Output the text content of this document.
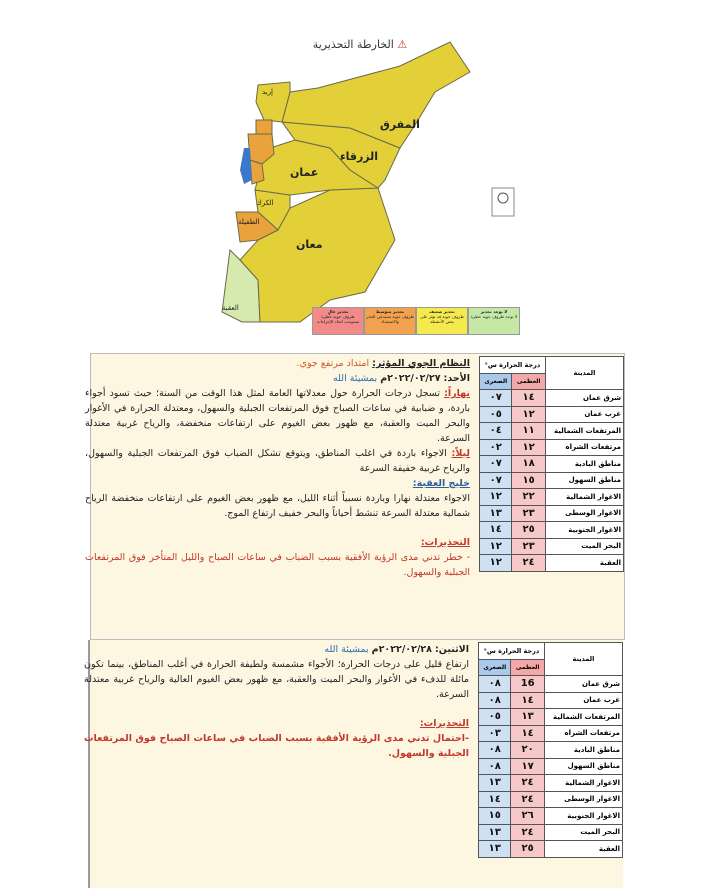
⚠ الخارطة التحذيرية
المفرق
الزرقاء
عمان
معان
العقبة
الكرك
الطفيلة
إربد
تحذير عالٍ
ظروف جوية خطرة تستوجب اتخاذ الإجراءات
تحذير متوسط
ظروف جوية تستدعي الحذر والاستعداد
تحذير ضعيف
ظروف جوية قد تؤثر على بعض الأنشطة
لا يوجد تحذير
لا توجد ظروف جوية خطرة
المدينة	درجة الحرارة س°	
	العظمى	الصغرى
شرق عمان	١٤	٠٧
غرب عمان	١٢	٠٥
المرتفعات الشمالية	١١	٠٤
مرتفعات الشراه	١٢	٠٢
مناطق البادية	١٨	٠٧
مناطق السهول	١٥	٠٧
الاغوار الشمالية	٢٢	١٢
الاغوار الوسطى	٢٣	١٣
الاغوار الجنوبية	٢٥	١٤
البحر الميت	٢٣	١٢
العقبة	٢٤	١٢

النظام الجوي المؤثر: امتداد مرتفع جوي.

الأحد: ٢٠٢٢/٠٢/٢٧م بمشيئة الله

نهاراً: تسجل درجات الحرارة حول معدلاتها العامة لمثل هذا الوقت من السنة؛ حيث تسود أجواء باردة، و ضبابية في ساعات الصباح فوق المرتفعات الجبلية والسهول، ومعتدلة الحرارة في الأغوار والبحر الميت والعقبة، مع ظهور بعض الغيوم على ارتفاعات منخفضة، والرياح غربية معتدلة السرعة.

ليلاً: الاجواء باردة في اغلب المناطق، ويتوقع تشكل الضباب فوق المرتفعات الجبلية والسهول، والرياح غربية خفيفة السرعة

خليج العقبة:

الاجواء معتدلة نهارا وباردة نسبياً أثناء الليل، مع ظهور بعض الغيوم على ارتفاعات منخفضة الرياح شمالية معتدلة السرعة تنشط أحياناً والبحر خفيف ارتفاع الموج.

التحذيرات:

- خطر تدني مدى الرؤية الأفقية بسبب الضباب في ساعات الصباح والليل المتأخر فوق المرتفعات الجبلية والسهول.

المدينة	درجة الحرارة س°	
	العظمى	الصغرى
شرق عمان	16	٠٨
غرب عمان	١٤	٠٨
المرتفعات الشمالية	١٣	٠٥
مرتفعات الشراه	١٤	٠٣
مناطق البادية	٢٠	٠٨
مناطق السهول	١٧	٠٨
الاغوار الشمالية	٢٤	١٣
الاغوار الوسطى	٢٤	١٤
الاغوار الجنوبية	٢٦	١٥
البحر الميت	٢٤	١٣
العقبة	٢٥	١٣

الاثنين: ٢٠٢٢/٠٢/٢٨م بمشيئة الله

ارتفاع قليل على درجات الحرارة؛ الأجواء مشمسة ولطيفة الحرارة في أغلب المناطق، بينما تكون مائلة للدفء في الأغوار والبحر الميت والعقبة، مع ظهور بعض الغيوم العالية والرياح غربية معتدلة السرعة.

التحذيرات:

-احتمال تدني مدى الرؤية الأفقية بسبب الضباب في ساعات الصباح فوق المرتفعات الجبلية والسهول.
